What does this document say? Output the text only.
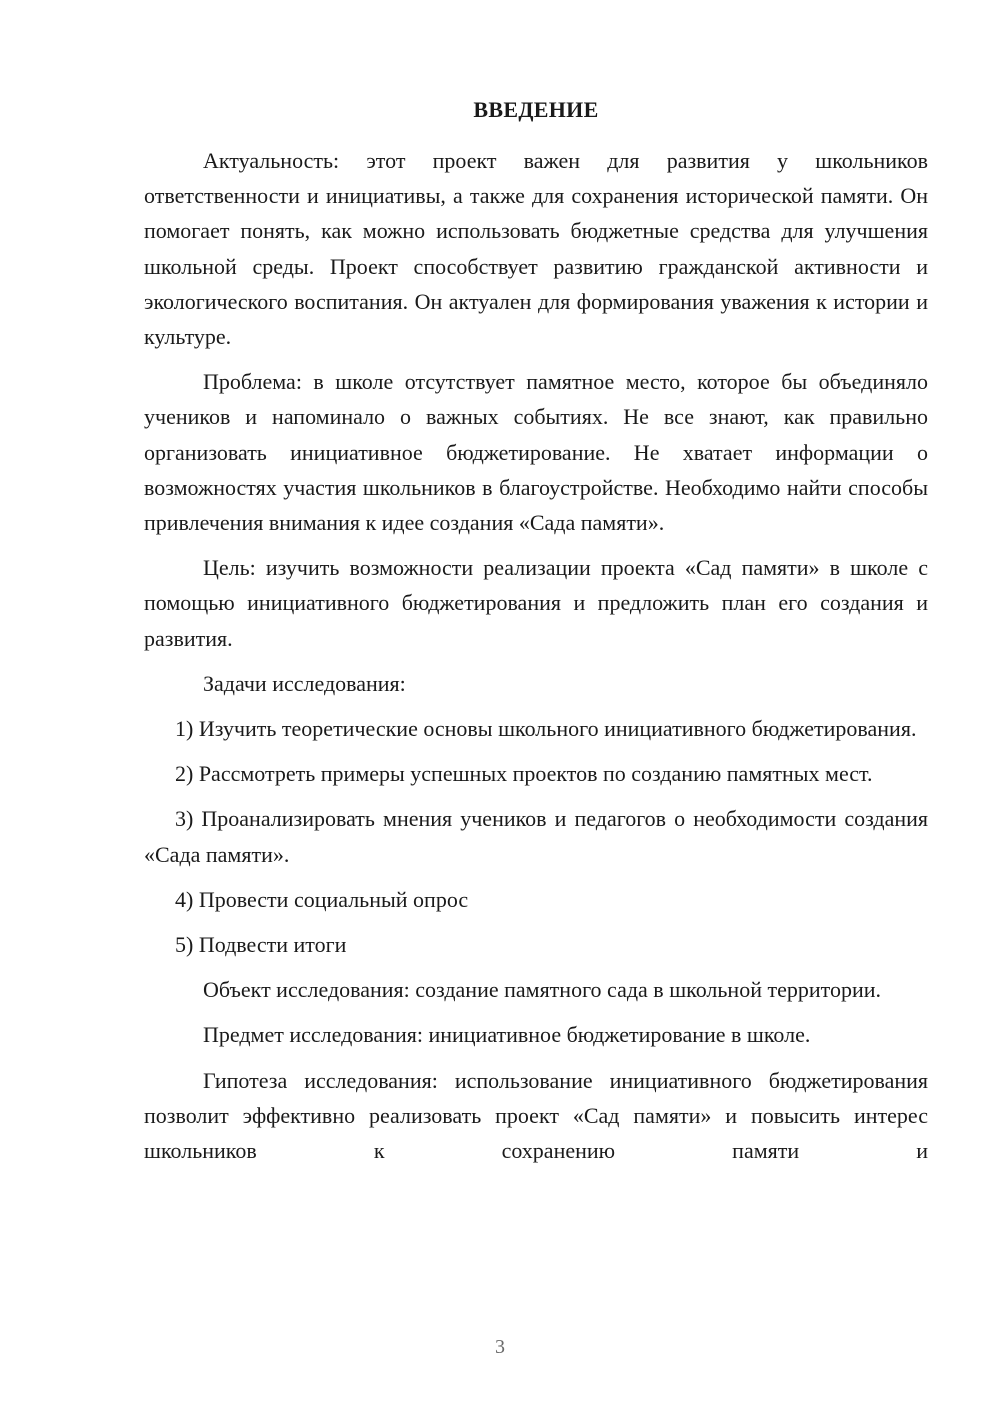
ВВЕДЕНИЕ

Актуальность: этот проект важен для развития у школьников ответственности и инициативы, а также для сохранения исторической памяти. Он помогает понять, как можно использовать бюджетные средства для улучшения школьной среды. Проект способствует развитию гражданской активности и экологического воспитания. Он актуален для формирования уважения к истории и культуре.

Проблема: в школе отсутствует памятное место, которое бы объединяло учеников и напоминало о важных событиях. Не все знают, как правильно организовать инициативное бюджетирование. Не хватает информации о возможностях участия школьников в благоустройстве. Необходимо найти способы привлечения внимания к идее создания «Сада памяти».

Цель: изучить возможности реализации проекта «Сад памяти» в школе с помощью инициативного бюджетирования и предложить план его создания и развития.

Задачи исследования:

1) Изучить теоретические основы школьного инициативного бюджетирования.

2) Рассмотреть примеры успешных проектов по созданию памятных мест.

3) Проанализировать мнения учеников и педагогов о необходимости создания «Сада памяти».

4) Провести социальный опрос

5) Подвести итоги

Объект исследования: создание памятного сада в школьной территории.

Предмет исследования: инициативное бюджетирование в школе.

Гипотеза исследования: использование инициативного бюджетирования позволит эффективно реализовать проект «Сад памяти» и повысить интерес школьников к сохранению памяти и

3
